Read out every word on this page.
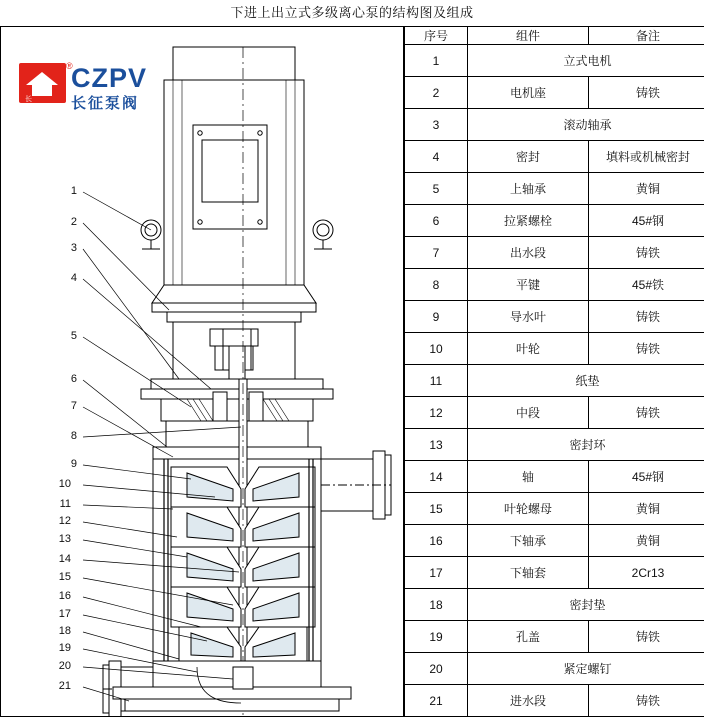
下进上出立式多级离心泵的结构图及组成
长
®
CZPV
长征泵阀
1
2
3
4
5
6
7
8
9
10
11
12
13
14
15
16
17
18
19
20
21
序号	组件	备注
1	立式电机	
2	电机座	铸铁
3	滚动轴承	
4	密封	填料或机械密封
5	上轴承	黄铜
6	拉紧螺栓	45#钢
7	出水段	铸铁
8	平键	45#铁
9	导水叶	铸铁
10	叶轮	铸铁
11	纸垫	
12	中段	铸铁
13	密封环	
14	轴	45#钢
15	叶轮螺母	黄铜
16	下轴承	黄铜
17	下轴套	2Cr13
18	密封垫	
19	孔盖	铸铁
20	紧定螺钉	
21	进水段	铸铁
